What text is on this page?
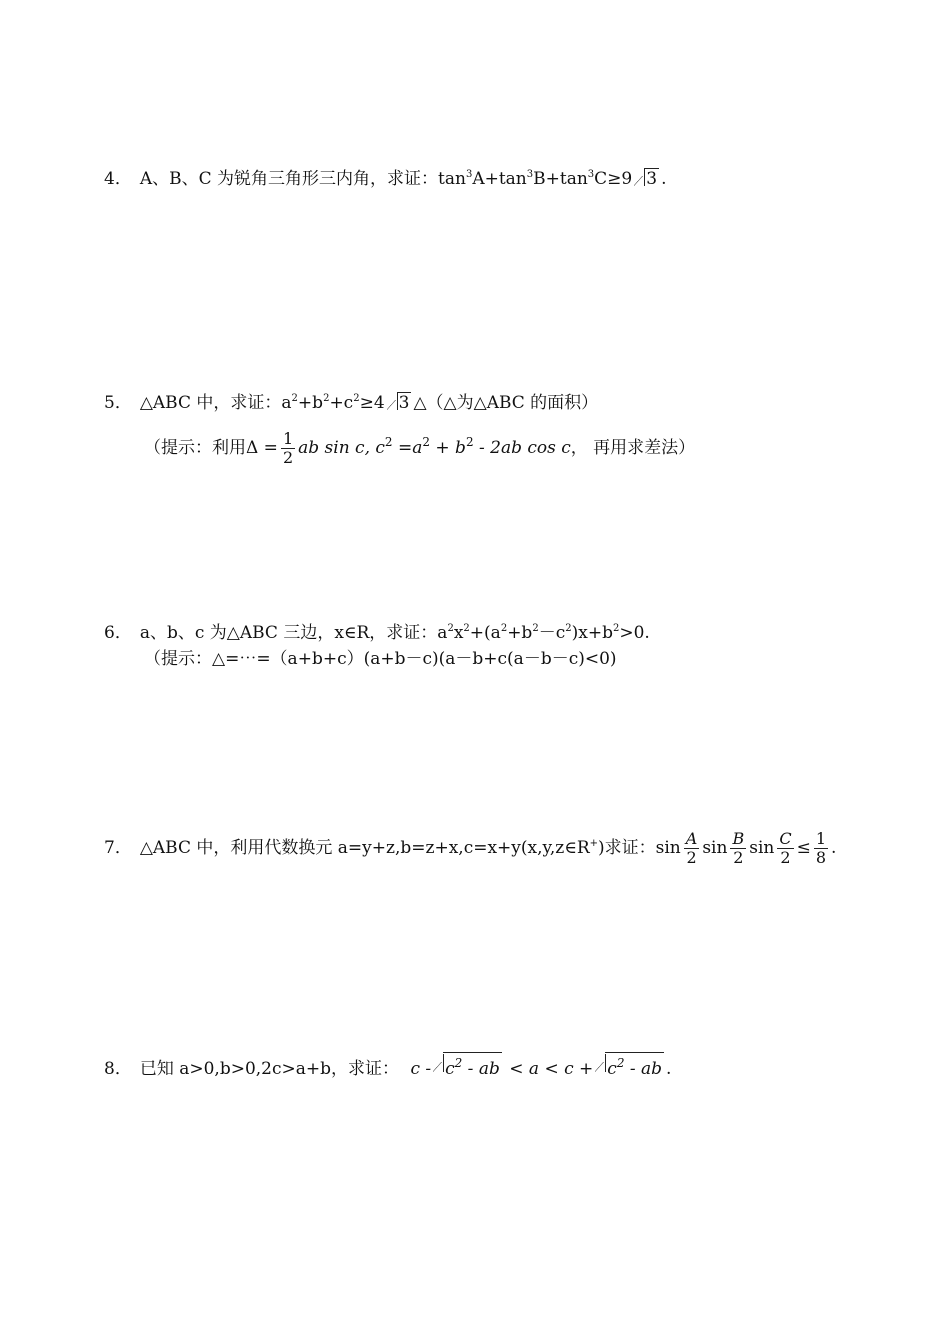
4． A、B、C 为锐角三角形三内角，求证：$\tan^3A+\tan^3B+\tan^3C\ge 9$ 3 .
5． △ABC 中，求证：$a^2+b^2+c^2\ge 4$ 3 △（△为△ABC 的面积）
（提示：利用$\Delta = \frac{1}{2}$ ab sin c, $c^2 =a^2 + b^2 - 2ab$ cos c， 再用求差法）
6． a、b、c 为△ABC 三边，x∈R，求证：$a^2x^2+(a^2+b^2-c^2)x+b^2>0$.
（提示：△=⋯=（a+b+c）(a+b－c)(a－b+c(a－b－c)<0)
7． △ABC 中，利用代数换元 a=y+z,b=z+x,c=x+y(x,y,z∈R+)求证：$\sin \frac{A}{2}$ $\sin \frac{B}{2}$ $\sin \frac{C}{2} \le \frac{1}{8}$ .
8． 已知 a>0,b>0,2c>a+b，求证： c - $c^2$ - ab < $a < c + c^2$ - ab .
